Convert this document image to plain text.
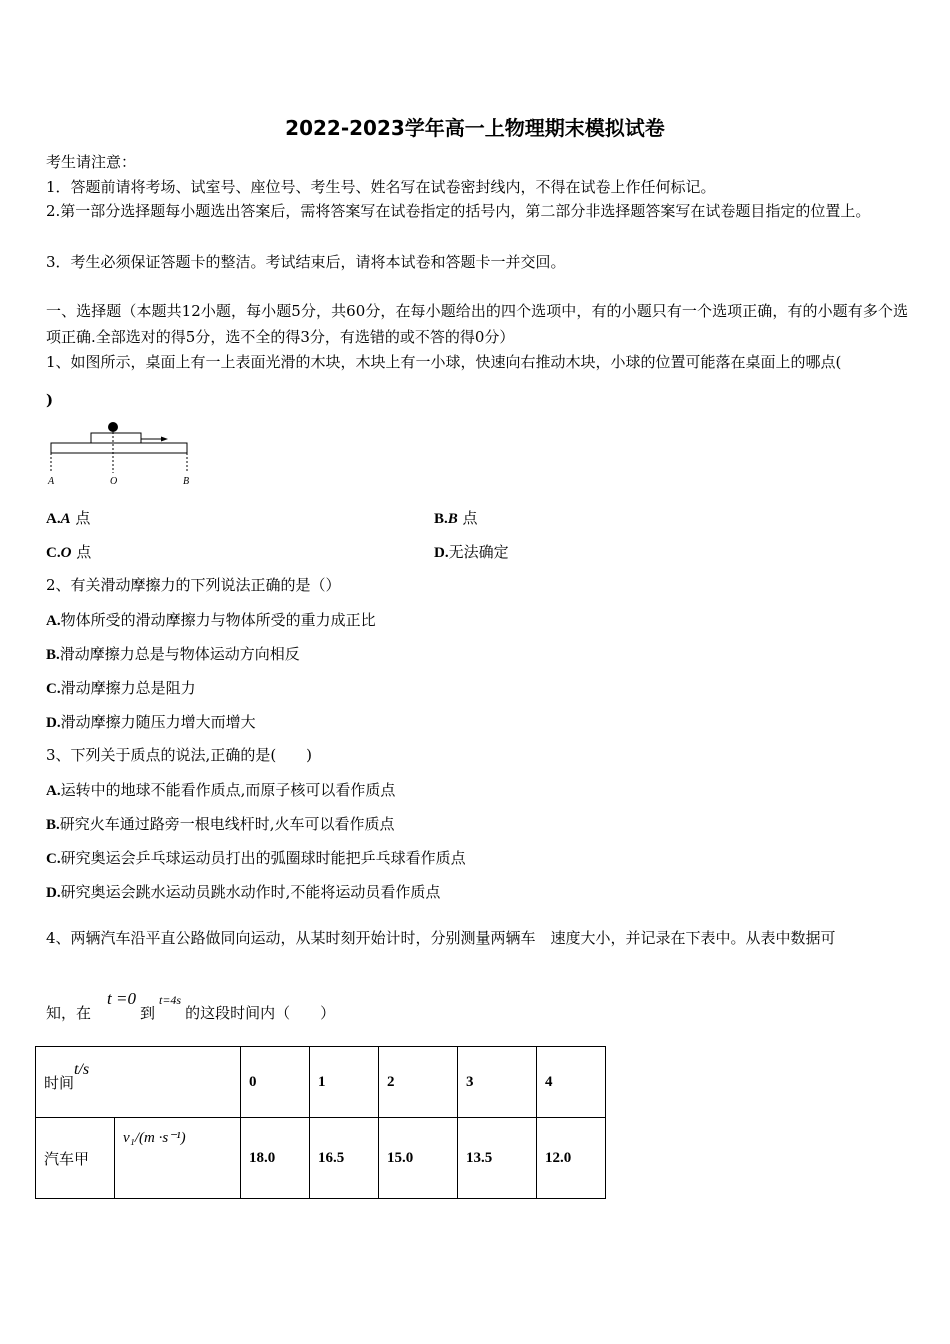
2022-2023学年高一上物理期末模拟试卷
考生请注意：
1．答题前请将考场、试室号、座位号、考生号、姓名写在试卷密封线内，不得在试卷上作任何标记。
2.第一部分选择题每小题选出答案后，需将答案写在试卷指定的括号内，第二部分非选择题答案写在试卷题目指定的位置上。
3．考生必须保证答题卡的整洁。考试结束后，请将本试卷和答题卡一并交回。
一、选择题（本题共12小题，每小题5分，共60分，在每小题给出的四个选项中，有的小题只有一个选项正确，有的小题有多个选项正确.全部选对的得5分，选不全的得3分，有选错的或不答的得0分）
1、如图所示，桌面上有一上表面光滑的木块，木块上有一小球，快速向右推动木块，小球的位置可能落在桌面上的哪点(
)
A	O	B
A.A 点	B.B 点
C.O 点	D.无法确定
2、有关滑动摩擦力的下列说法正确的是（）
A.物体所受的滑动摩擦力与物体所受的重力成正比
B.滑动摩擦力总是与物体运动方向相反
C.滑动摩擦力总是阻力
D.滑动摩擦力随压力增大而增大
3、下列关于质点的说法,正确的是(　　)
A.运转中的地球不能看作质点,而原子核可以看作质点
B.研究火车通过路旁一根电线杆时,火车可以看作质点
C.研究奥运会乒乓球运动员打出的弧圈球时能把乒乓球看作质点
D.研究奥运会跳水运动员跳水动作时,不能将运动员看作质点
4、两辆汽车沿平直公路做同向运动，从某时刻开始计时，分别测量两辆车　速度大小，并记录在下表中。从表中数据可
知，在t =0到t=4s的这段时间内（　　）
时间t/s		0	1	2	3	4
汽车甲	v₁/(m ·s⁻¹)	18.0	16.5	15.0	13.5	12.0
